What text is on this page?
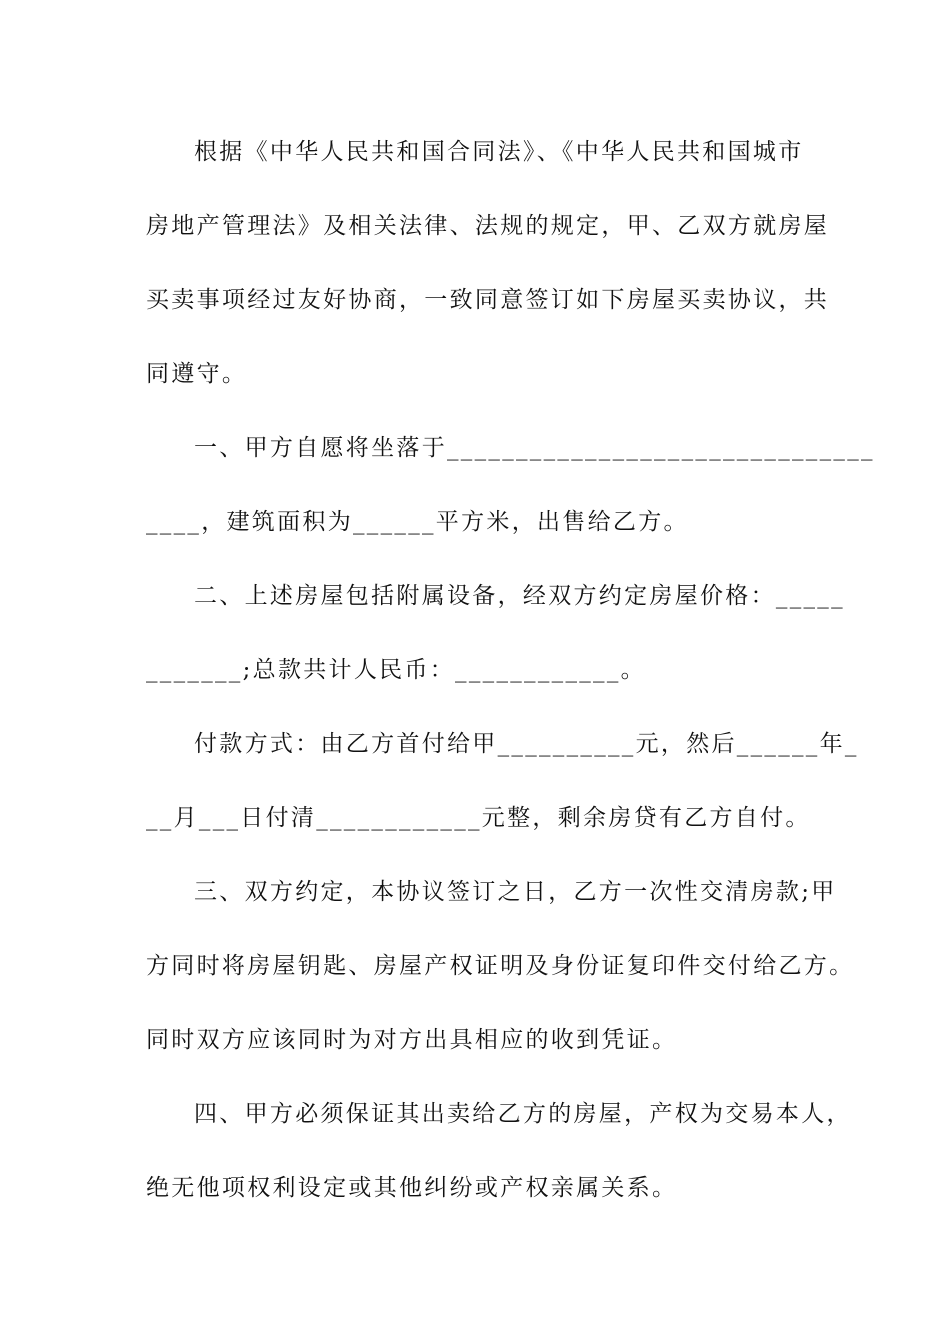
根据《中华人民共和国合同法》、《中华人民共和国城市
房地产管理法》及相关法律、法规的规定，甲、乙双方就房屋
买卖事项经过友好协商，一致同意签订如下房屋买卖协议，共
同遵守。
一、甲方自愿将坐落于_______________________________
____，建筑面积为______平方米，出售给乙方。
二、上述房屋包括附属设备，经双方约定房屋价格：_____
_______;总款共计人民币：____________。
付款方式：由乙方首付给甲__________元，然后______年_
__月___日付清____________元整，剩余房贷有乙方自付。
三、双方约定，本协议签订之日，乙方一次性交清房款;甲
方同时将房屋钥匙、房屋产权证明及身份证复印件交付给乙方。
同时双方应该同时为对方出具相应的收到凭证。
四、甲方必须保证其出卖给乙方的房屋，产权为交易本人，
绝无他项权利设定或其他纠纷或产权亲属关系。
